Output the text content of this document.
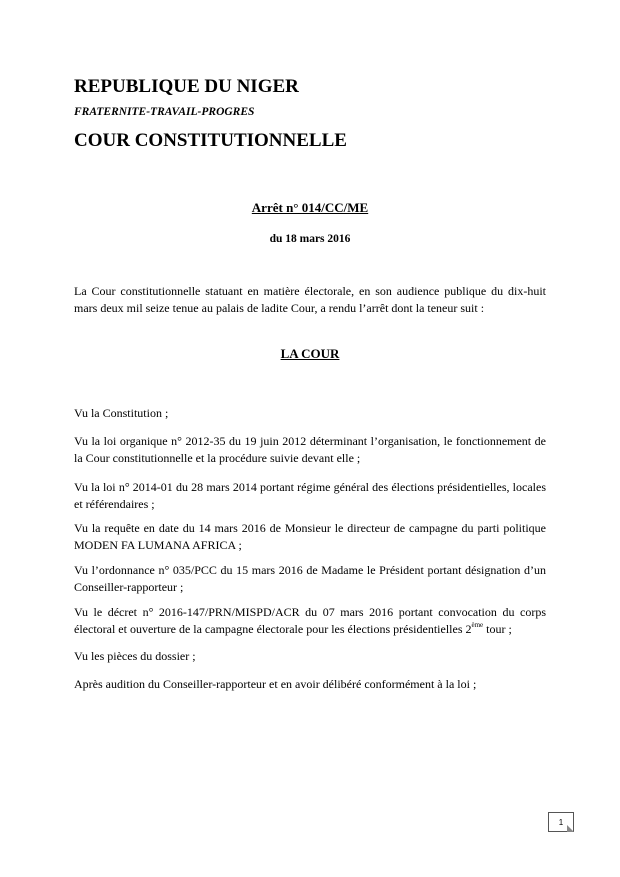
REPUBLIQUE DU NIGER

FRATERNITE-TRAVAIL-PROGRES

COUR CONSTITUTIONNELLE
Arrêt n° 014/CC/ME
du 18 mars 2016

La Cour constitutionnelle statuant en matière électorale, en son audience publique du dix-huit mars deux mil seize tenue au palais de ladite Cour, a rendu l’arrêt dont la teneur suit :

LA COUR

Vu la Constitution ;

Vu la loi organique n° 2012-35 du 19 juin 2012 déterminant l’organisation, le fonctionnement de la Cour constitutionnelle et la procédure suivie devant elle ;

Vu la loi n° 2014-01 du 28 mars 2014 portant régime général des élections présidentielles, locales et référendaires ;

Vu la requête en date du 14 mars 2016 de Monsieur le directeur de campagne du parti politique MODEN FA LUMANA AFRICA ;

Vu l’ordonnance n° 035/PCC du 15 mars 2016 de Madame le Président portant désignation d’un Conseiller-rapporteur ;

Vu le décret n° 2016-147/PRN/MISPD/ACR du 07 mars 2016 portant convocation du corps électoral et ouverture de la campagne électorale pour les élections présidentielles 2ème tour ;

Vu les pièces du dossier ;

Après audition du Conseiller-rapporteur et en avoir délibéré conformément à la loi ;

1
